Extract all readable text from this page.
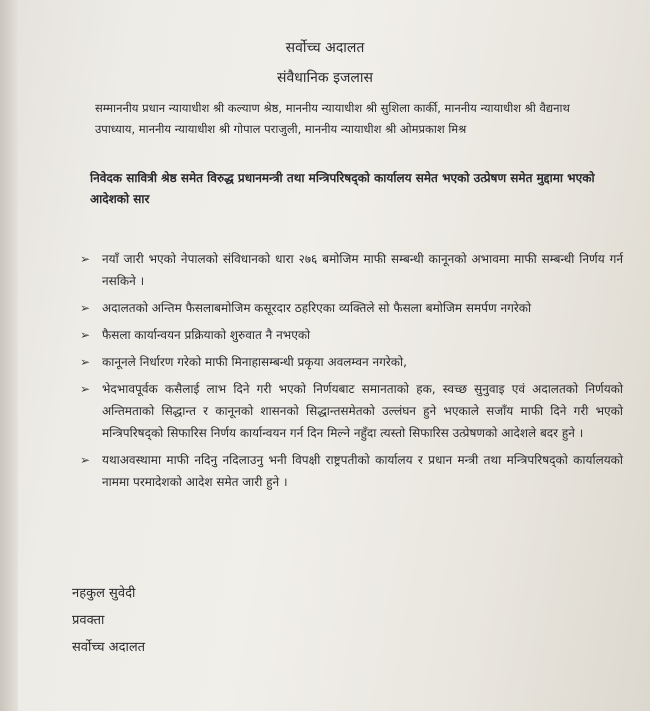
सर्वोच्च अदालत
संवैधानिक इजलास
सम्माननीय प्रधान न्यायाधीश श्री कल्याण श्रेष्ठ, माननीय न्यायाधीश श्री सुशिला कार्की, माननीय न्यायाधीश श्री वैद्यनाथ उपाध्याय, माननीय न्यायाधीश श्री गोपाल पराजुली, माननीय न्यायाधीश श्री ओमप्रकाश मिश्र
निवेदक सावित्री श्रेष्ठ समेत विरुद्ध प्रधानमन्त्री तथा मन्त्रिपरिषद्को कार्यालय समेत भएको उत्प्रेषण समेत मुद्दामा भएको आदेशको सार
➢ नयाँ जारी भएको नेपालको संविधानको धारा २७६ बमोजिम माफी सम्बन्धी कानूनको अभावमा माफी सम्बन्धी निर्णय गर्न नसकिने ।
➢ अदालतको अन्तिम फैसलाबमोजिम कसूरदार ठहरिएका व्यक्तिले सो फैसला बमोजिम समर्पण नगरेको
➢ फैसला कार्यान्वयन प्रक्रियाको शुरुवात नै नभएको
➢ कानूनले निर्धारण गरेको माफी मिनाहासम्बन्धी प्रकृया अवलम्वन नगरेको,
➢ भेदभावपूर्वक कसैलाई लाभ दिने गरी भएको निर्णयबाट समानताको हक, स्वच्छ सुनुवाइ एवं अदालतको निर्णयको अन्तिमताको सिद्धान्त र कानूनको शासनको सिद्धान्तसमेतको उल्लंघन हुने भएकाले सजाँय माफी दिने गरी भएको मन्त्रिपरिषद्को सिफारिस निर्णय कार्यान्वयन गर्न दिन मिल्ने नहुँदा त्यस्तो सिफारिस उत्प्रेषणको आदेशले बदर हुने ।
➢ यथाअवस्थामा माफी नदिनु नदिलाउनु भनी विपक्षी राष्ट्रपतीको कार्यालय र प्रधान मन्त्री तथा मन्त्रिपरिषद्को कार्यालयको नाममा परमादेशको आदेश समेत जारी हुने ।
नहकुल सुवेदी
प्रवक्ता
सर्वोच्च अदालत
